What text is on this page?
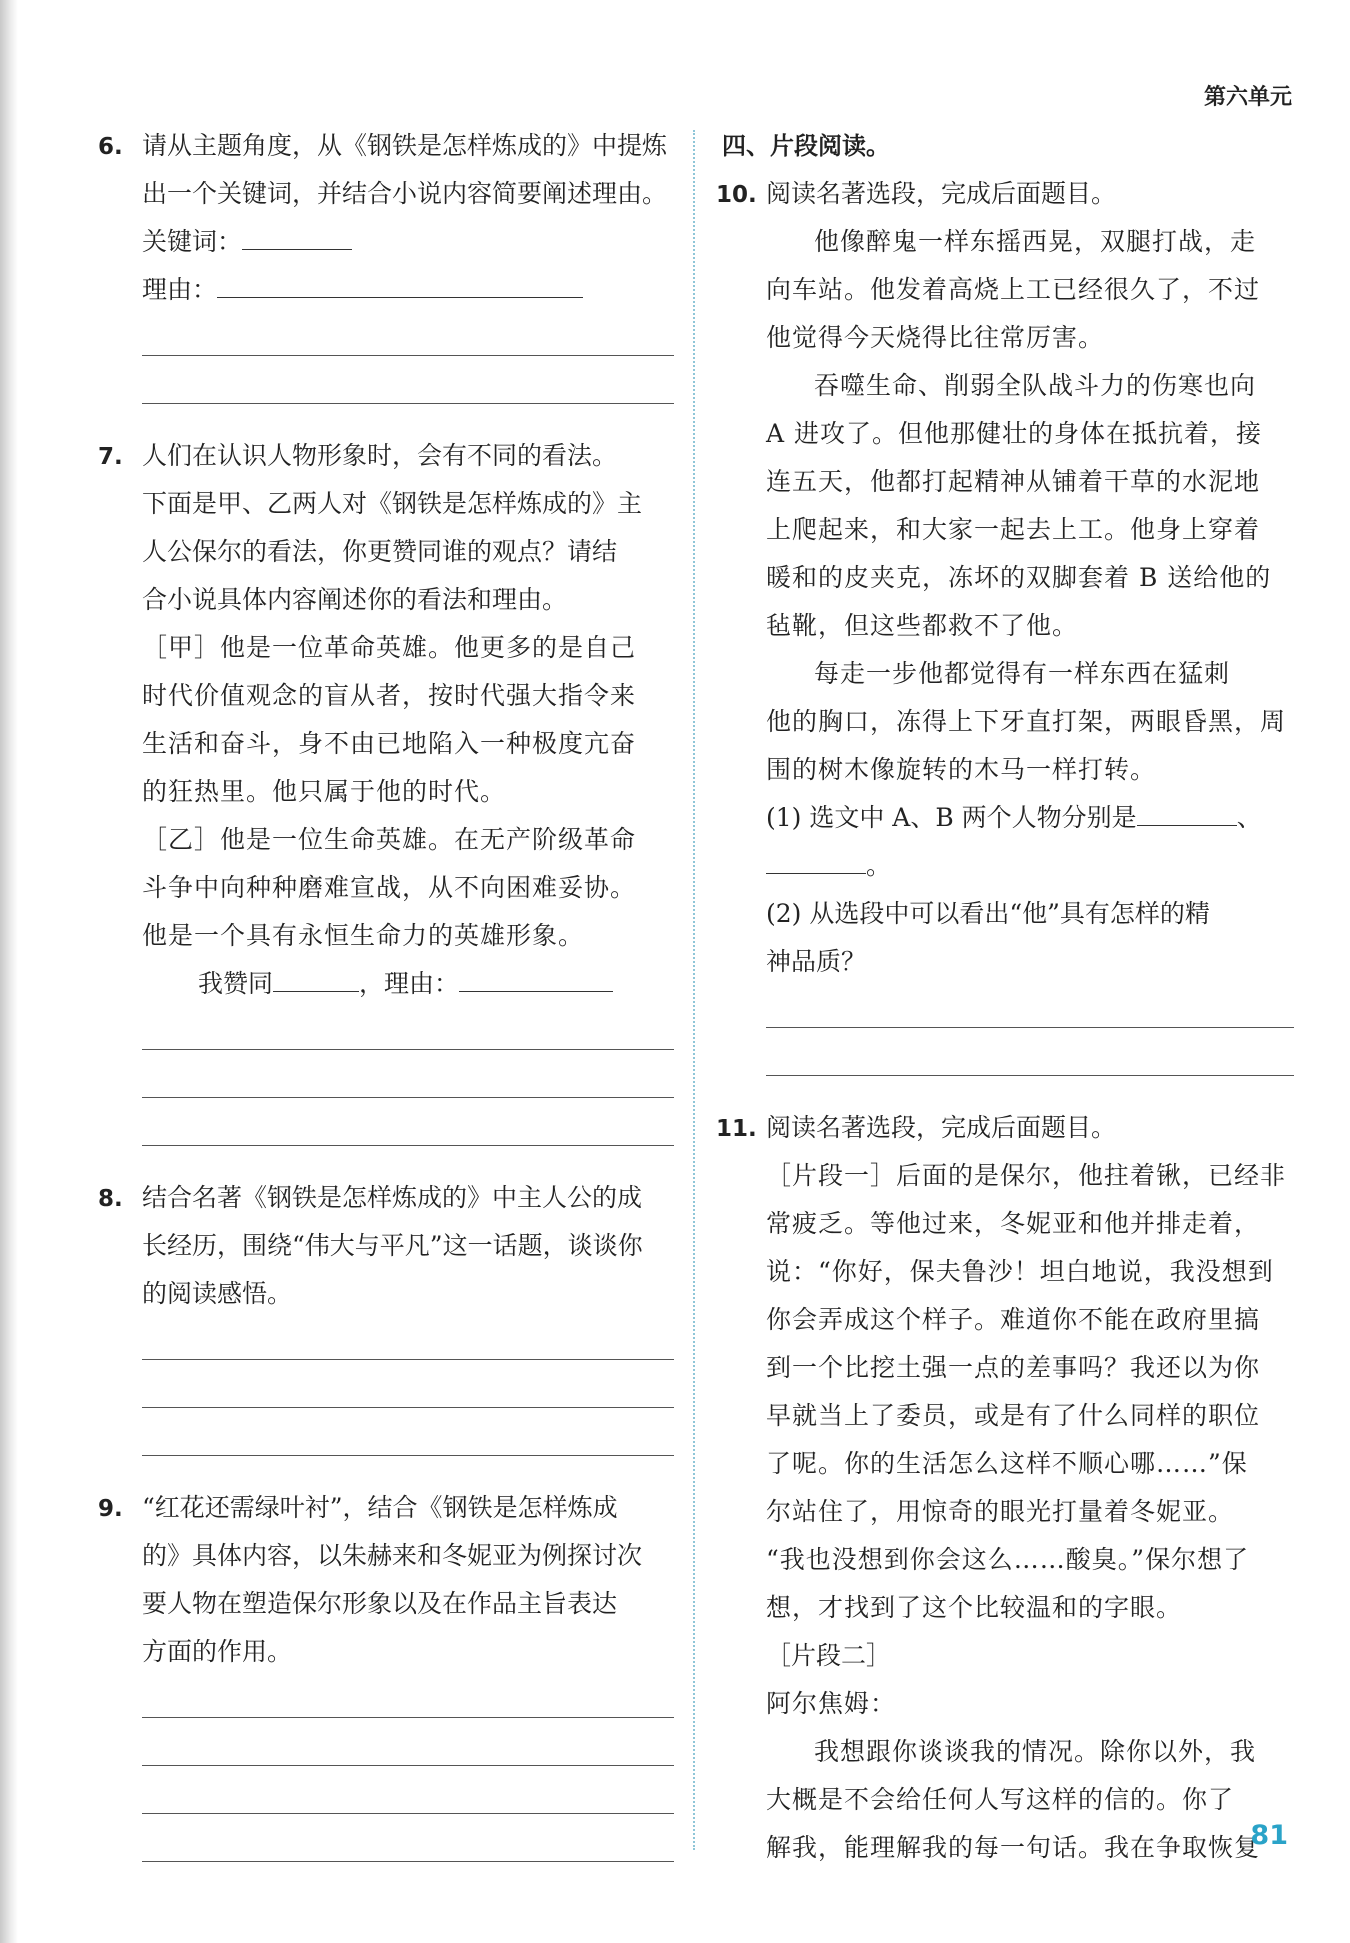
第六单元
6. 请从主题角度，从《钢铁是怎样炼成的》中提炼
出一个关键词，并结合小说内容简要阐述理由。
关键词：
理由：
7. 人们在认识人物形象时，会有不同的看法。
下面是甲、乙两人对《钢铁是怎样炼成的》主
人公保尔的看法，你更赞同谁的观点？请结
合小说具体内容阐述你的看法和理由。
［甲］他是一位革命英雄。他更多的是自己
时代价值观念的盲从者，按时代强大指令来
生活和奋斗，身不由已地陷入一种极度亢奋
的狂热里。他只属于他的时代。
［乙］他是一位生命英雄。在无产阶级革命
斗争中向种种磨难宣战，从不向困难妥协。
他是一个具有永恒生命力的英雄形象。
我赞同	，理由：
8. 结合名著《钢铁是怎样炼成的》中主人公的成
长经历，围绕“伟大与平凡”这一话题，谈谈你
的阅读感悟。
9. “红花还需绿叶衬”，结合《钢铁是怎样炼成
的》具体内容，以朱赫来和冬妮亚为例探讨次
要人物在塑造保尔形象以及在作品主旨表达
方面的作用。
四、片段阅读。
10. 阅读名著选段，完成后面题目。
他像醉鬼一样东摇西晃，双腿打战，走
向车站。他发着高烧上工已经很久了，不过
他觉得今天烧得比往常厉害。
吞噬生命、削弱全队战斗力的伤寒也向
A 进攻了。但他那健壮的身体在抵抗着，接
连五天，他都打起精神从铺着干草的水泥地
上爬起来，和大家一起去上工。他身上穿着
暖和的皮夹克，冻坏的双脚套着 B 送给他的
毡靴，但这些都救不了他。
每走一步他都觉得有一样东西在猛刺
他的胸口，冻得上下牙直打架，两眼昏黑，周
围的树木像旋转的木马一样打转。
(1) 选文中 A、B 两个人物分别是	、
。
(2) 从选段中可以看出“他”具有怎样的精
神品质？
11. 阅读名著选段，完成后面题目。
［片段一］后面的是保尔，他拄着锹，已经非
常疲乏。等他过来，冬妮亚和他并排走着，
说：“你好，保夫鲁沙！坦白地说，我没想到
你会弄成这个样子。难道你不能在政府里搞
到一个比挖土强一点的差事吗？我还以为你
早就当上了委员，或是有了什么同样的职位
了呢。你的生活怎么这样不顺心哪……”保
尔站住了，用惊奇的眼光打量着冬妮亚。
“我也没想到你会这么……酸臭。”保尔想了
想，才找到了这个比较温和的字眼。
［片段二］
阿尔焦姆：
我想跟你谈谈我的情况。除你以外，我
大概是不会给任何人写这样的信的。你了
解我，能理解我的每一句话。我在争取恢复
81
